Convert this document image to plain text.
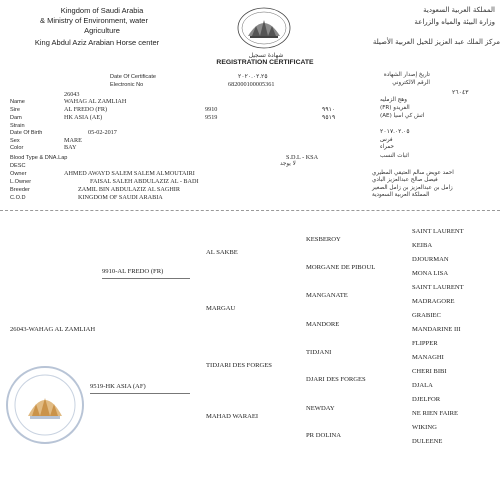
Kingdom of Saudi Arabia
& Ministry of Environment, water
Agriculture
King Abdul Aziz Arabian Horse center
شهادة تسجيل
REGISTRATION CERTIFICATE
المملكة العربية السعودية
وزارة البيئة والمياه والزراعة
مركز الملك عبد العزيز للخيل العربية الأصيلة
Date Of Certificate	٢٠٢٠.٠٢.٢٥
Electronic No	682000100005361
تاريخ إصدار الشهادة
الرقم الالكتروني
26043
Name	WAHAG AL ZAMLIAH
Sire	AL FREDO (FR)	9910	٩٩١٠
Dam	HK ASIA (AE)	9519	٩٥١٩
Strain
Date Of Birth	05-02-2017
Sex	MARE
Color	BAY
Blood Type & DNA.Lap	S.D.L - KSA
DESC	لا يوجد
Owner	AHMED AWAYD SALEM SALEM ALMOUTAIRI
L.Owner	FAISAL SALEH ABDULAZIZ AL - BADI
Breeder	ZAMIL BIN ABDULAZIZ AL SAGHIR
C.O.D	KINGDOM OF SAUDI ARABIA
٢٦٠٤٣
وهج الزمليه
الفريدو (FR)
اتش كي اسيا (AE)
٢٠١٧.٠٢.٠٥
فرس
حمراء
اثبات النسب
احمد عويض سالم العتيقي المطيري
فيصل صالح عبدالعزيز البادي
زامل بن عبدالعزيز بن زامل الصغير
المملكة العربية السعودية
26043-WAHAG AL ZAMLIAH
9910-AL FREDO (FR)
9519-HK ASIA (AF)
AL SAKBE
MARGAU
TIDJARI DES FORGES
MAHAD WARAEI
KESBEROY
MORGANE DE PIBOUL
MANGANATE
MANDORE
TIDJANI
DJARI DES FORGES
NEWDAY
PR DOLINA
SAINT LAURENT
KEIBA
DJOURMAN
MONA LISA
SAINT LAURENT
MADRAGORE
GRABIEC
MANDARINE III
FLIPPER
MANAGHI
CHERI BIBI
DJALA
DJELFOR
NE RIEN FAIRE
WIKING
DULEENE
